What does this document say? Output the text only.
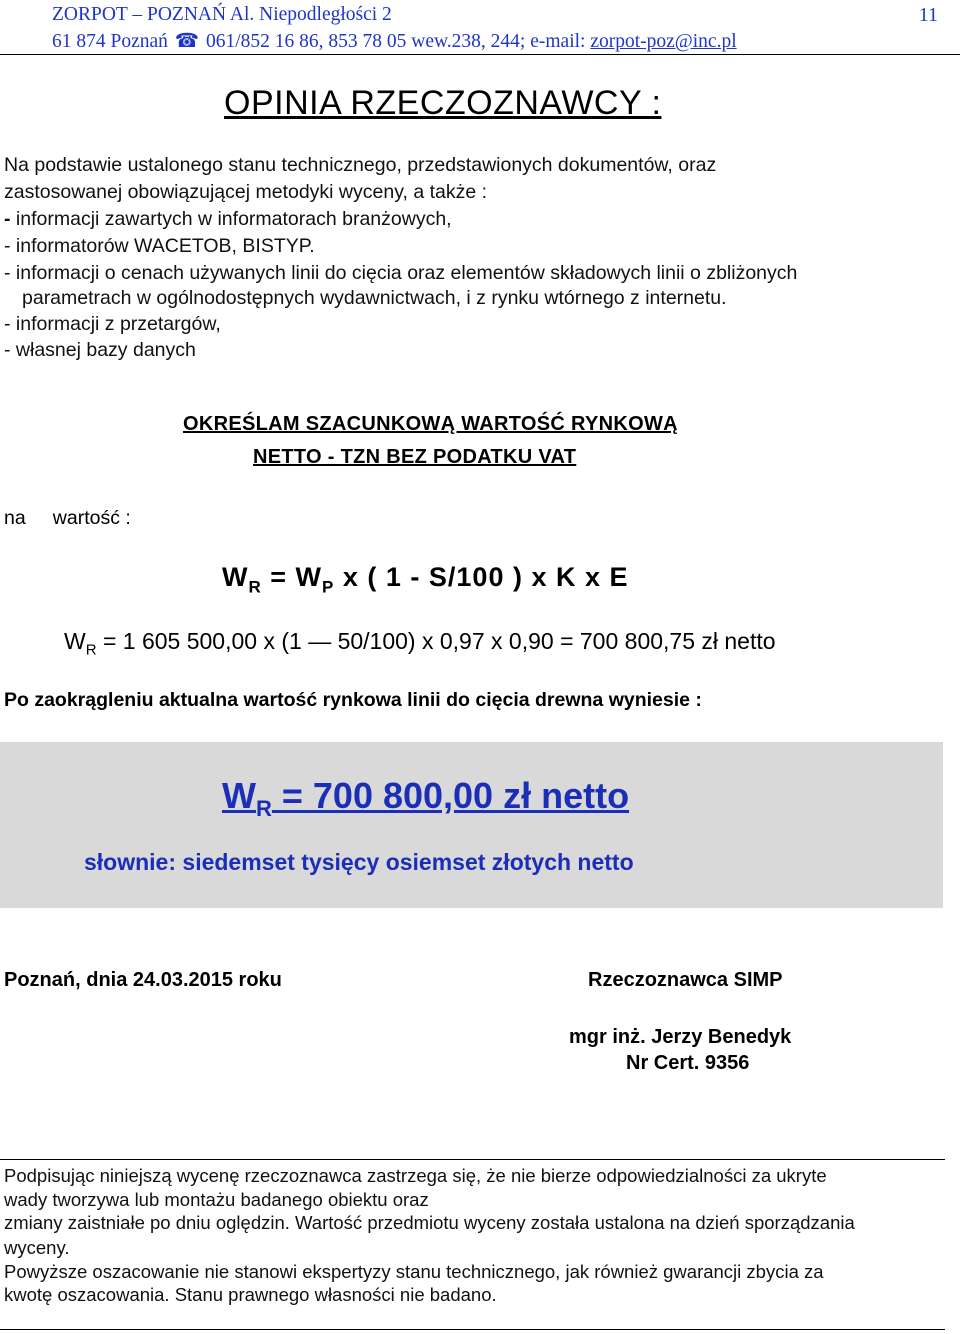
ZORPOT – POZNAŃ Al. Niepodległości 2
61 874 Poznań ☎ 061/852 16 86, 853 78 05 wew.238, 244; e-mail: zorpot-poz@inc.pl
11
OPINIA RZECZOZNAWCY :
Na podstawie ustalonego stanu technicznego, przedstawionych dokumentów, oraz
zastosowanej obowiązującej metodyki wyceny, a także :
- informacji zawartych w informatorach branżowych,
- informatorów WACETOB, BISTYP.
- informacji o cenach używanych linii do cięcia oraz elementów składowych linii o zbliżonych
parametrach w ogólnodostępnych wydawnictwach, i z rynku wtórnego z internetu.
- informacji z przetargów,
- własnej bazy danych
OKREŚLAM SZACUNKOWĄ WARTOŚĆ RYNKOWĄ
NETTO - TZN BEZ PODATKU VAT
na     wartość :
$W_R = W_P$ x ( 1 - S/100 ) x K x E
$W_R = 1$ 605 500,00 x (1 — 50/100) x 0,97 x 0,90 = 700 800,75 zł netto
Po zaokrągleniu aktualna wartość rynkowa linii do cięcia drewna wyniesie :
$W_R = 700$ 800,00 zł netto
słownie: siedemset tysięcy osiemset złotych netto
Poznań, dnia 24.03.2015 roku	Rzeczoznawca SIMP
mgr inż. Jerzy Benedyk
Nr Cert. 9356
Podpisując niniejszą wycenę rzeczoznawca zastrzega się, że nie bierze odpowiedzialności za ukryte
wady tworzywa lub montażu badanego obiektu oraz
zmiany zaistniałe po dniu oględzin. Wartość przedmiotu wyceny została ustalona na dzień sporządzania
wyceny.
Powyższe oszacowanie nie stanowi ekspertyzy stanu technicznego, jak również gwarancji zbycia za
kwotę oszacowania. Stanu prawnego własności nie badano.
